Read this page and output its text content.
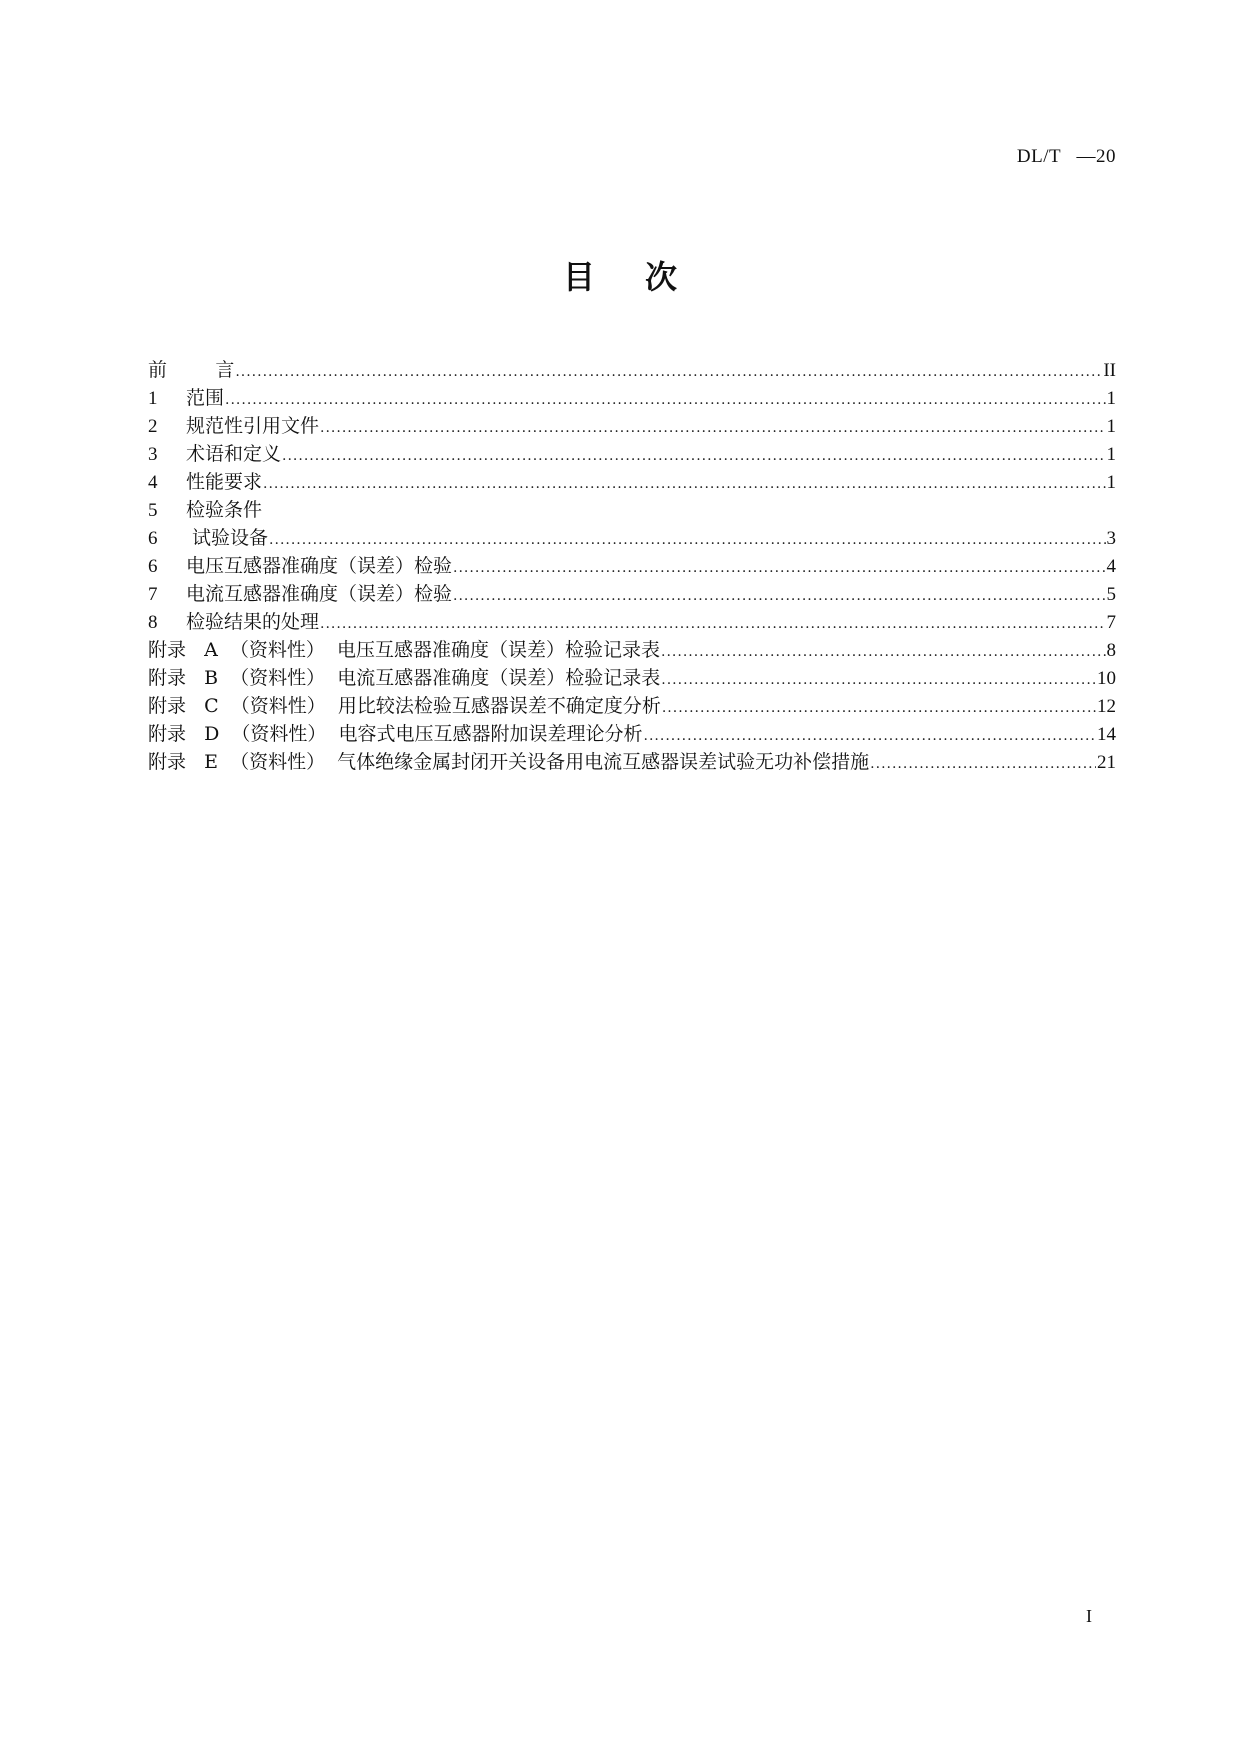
DL/T   —20
目次
前        言 .....	II
1	范围 .....	1
2	规范性引用文件 .....	1
3	术语和定义 .....	1
4	性能要求 .....	1
5	检验条件
6	试验设备 .....	3
6	电压互感器准确度（误差）检验 .....	4
7	电流互感器准确度（误差）检验 .....	5
8	检验结果的处理 .....	7
附录   A  （资料性） 电压互感器准确度（误差）检验记录表 .....	8
附录   B  （资料性） 电流互感器准确度（误差）检验记录表 .....	10
附录   C  （资料性） 用比较法检验互感器误差不确定度分析 .....	12
附录   D  （资料性） 电容式电压互感器附加误差理论分析 .....	14
附录   E  （资料性） 气体绝缘金属封闭开关设备用电流互感器误差试验无功补偿措施 .....	21
I
